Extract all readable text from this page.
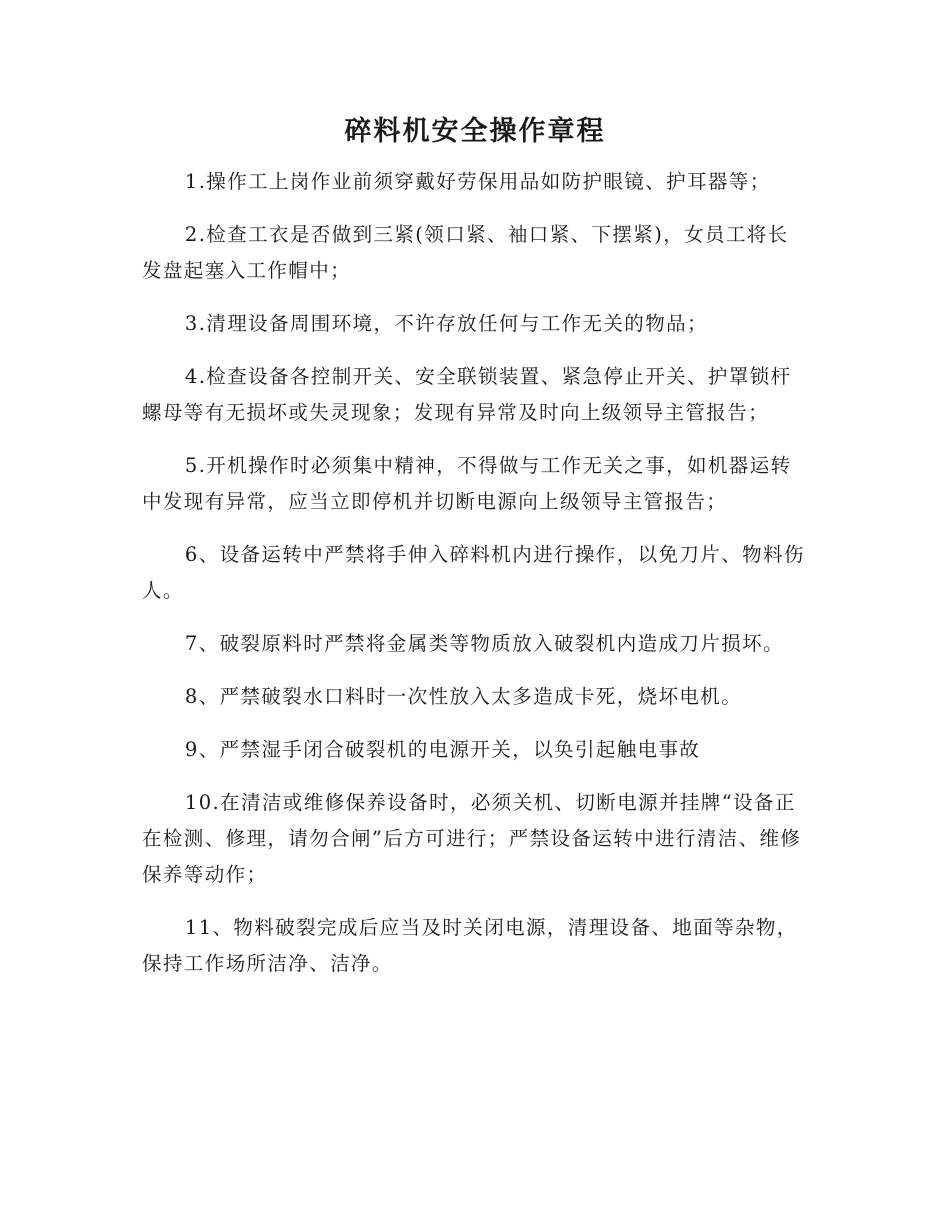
碎料机安全操作章程

1.操作工上岗作业前须穿戴好劳保用品如防护眼镜、护耳器等；

2.检查工衣是否做到三紧(领口紧、袖口紧、下摆紧)，女员工将长发盘起塞入工作帽中；

3.清理设备周围环境，不许存放任何与工作无关的物品；

4.检查设备各控制开关、安全联锁装置、紧急停止开关、护罩锁杆螺母等有无损坏或失灵现象；发现有异常及时向上级领导主管报告；

5.开机操作时必须集中精神，不得做与工作无关之事，如机器运转中发现有异常，应当立即停机并切断电源向上级领导主管报告；

6、设备运转中严禁将手伸入碎料机内进行操作，以免刀片、物料伤人。

7、破裂原料时严禁将金属类等物质放入破裂机内造成刀片损坏。

8、严禁破裂水口料时一次性放入太多造成卡死，烧坏电机。

9、严禁湿手闭合破裂机的电源开关，以奂引起触电事故

10.在清洁或维修保养设备时，必须关机、切断电源并挂牌“设备正在检测、修理，请勿合闸”后方可进行；严禁设备运转中进行清洁、维修保养等动作；

11、物料破裂完成后应当及时关闭电源，清理设备、地面等杂物，保持工作场所洁净、洁净。
